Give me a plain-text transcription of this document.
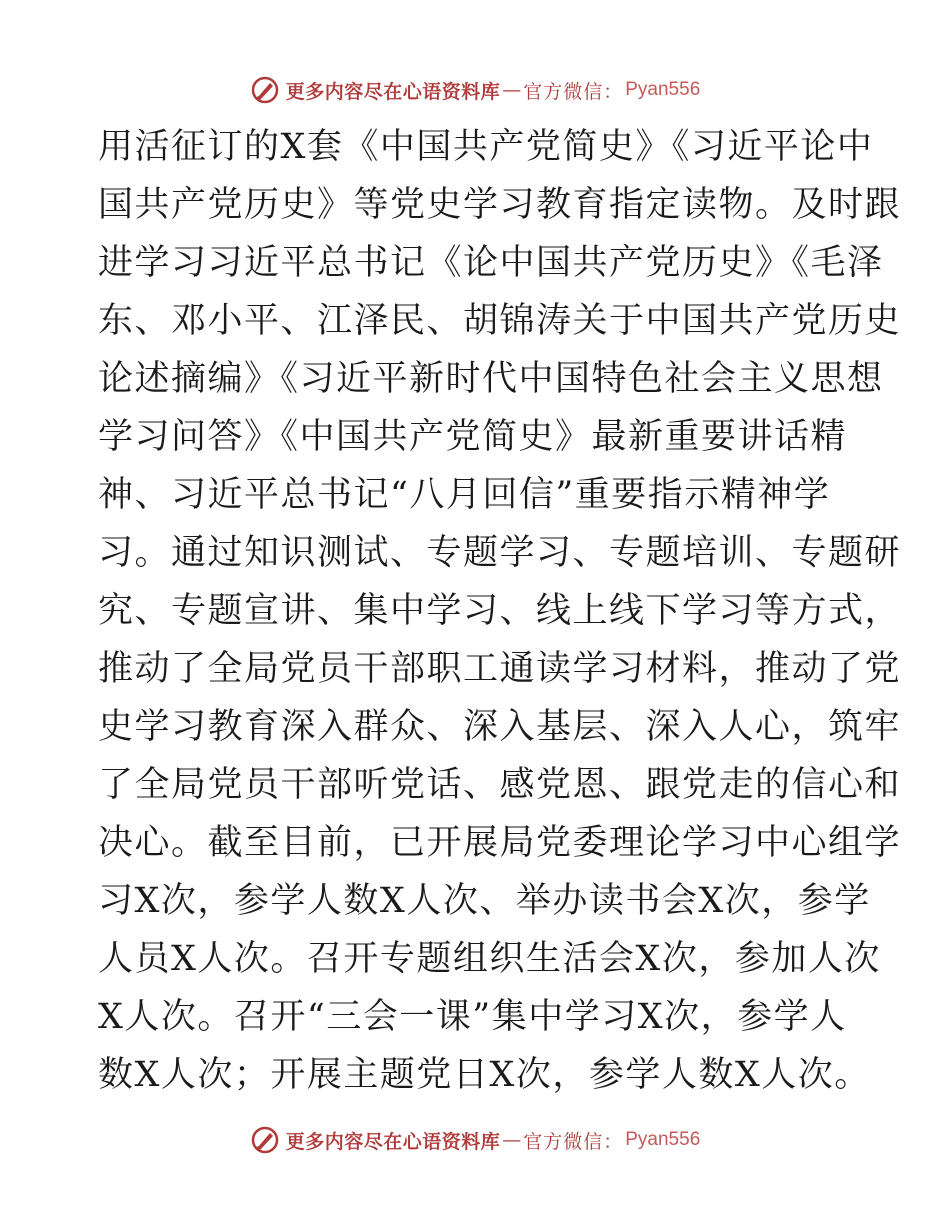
更多内容尽在心语资料库 — 官方微信： Pyan556
用活征订的X套《中国共产党简史》《习近平论中
国共产党历史》等党史学习教育指定读物。及时跟
进学习习近平总书记《论中国共产党历史》《毛泽
东、邓小平、江泽民、胡锦涛关于中国共产党历史
论述摘编》《习近平新时代中国特色社会主义思想
学习问答》《中国共产党简史》最新重要讲话精
神、习近平总书记“八月回信”重要指示精神学
习。通过知识测试、专题学习、专题培训、专题研
究、专题宣讲、集中学习、线上线下学习等方式，
推动了全局党员干部职工通读学习材料，推动了党
史学习教育深入群众、深入基层、深入人心，筑牢
了全局党员干部听党话、感党恩、跟党走的信心和
决心。截至目前，已开展局党委理论学习中心组学
习X次，参学人数X人次、举办读书会X次，参学
人员X人次。召开专题组织生活会X次，参加人次
X人次。召开“三会一课”集中学习X次，参学人
数X人次；开展主题党日X次，参学人数X人次。
更多内容尽在心语资料库 — 官方微信： Pyan556
